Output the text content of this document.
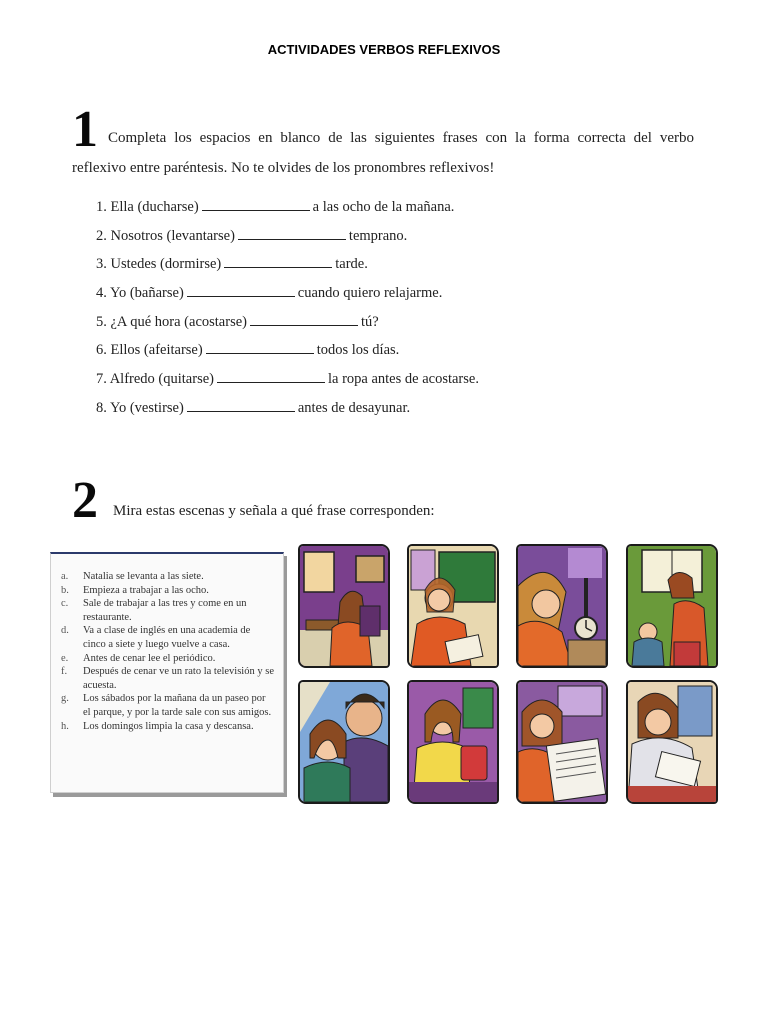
ACTIVIDADES VERBOS REFLEXIVOS
1 Completa los espacios en blanco de las siguientes frases con la forma correcta del verbo reflexivo entre paréntesis. No te olvides de los pronombres reflexivos!
1. Ella (ducharse)	a las ocho de la mañana.
2. Nosotros (levantarse)	temprano.
3. Ustedes (dormirse)	tarde.
4. Yo (bañarse)	cuando quiero relajarme.
5. ¿A qué hora (acostarse)	tú?
6. Ellos (afeitarse)	todos los días.
7. Alfredo (quitarse)	la ropa antes de acostarse.
8. Yo (vestirse)	antes de desayunar.
2 Mira estas escenas y señala a qué frase corresponden:
a.	Natalia se levanta a las siete.
b.	Empieza a trabajar a las ocho.
c.	Sale de trabajar a las tres y come en un restaurante.
d.	Va a clase de inglés en una academia de cinco a siete y luego vuelve a casa.
e.	Antes de cenar lee el periódico.
f.	Después de cenar ve un rato la televisión y se acuesta.
g.	Los sábados por la mañana da un paseo por el parque, y por la tarde sale con sus amigos.
h.	Los domingos limpia la casa y descansa.
